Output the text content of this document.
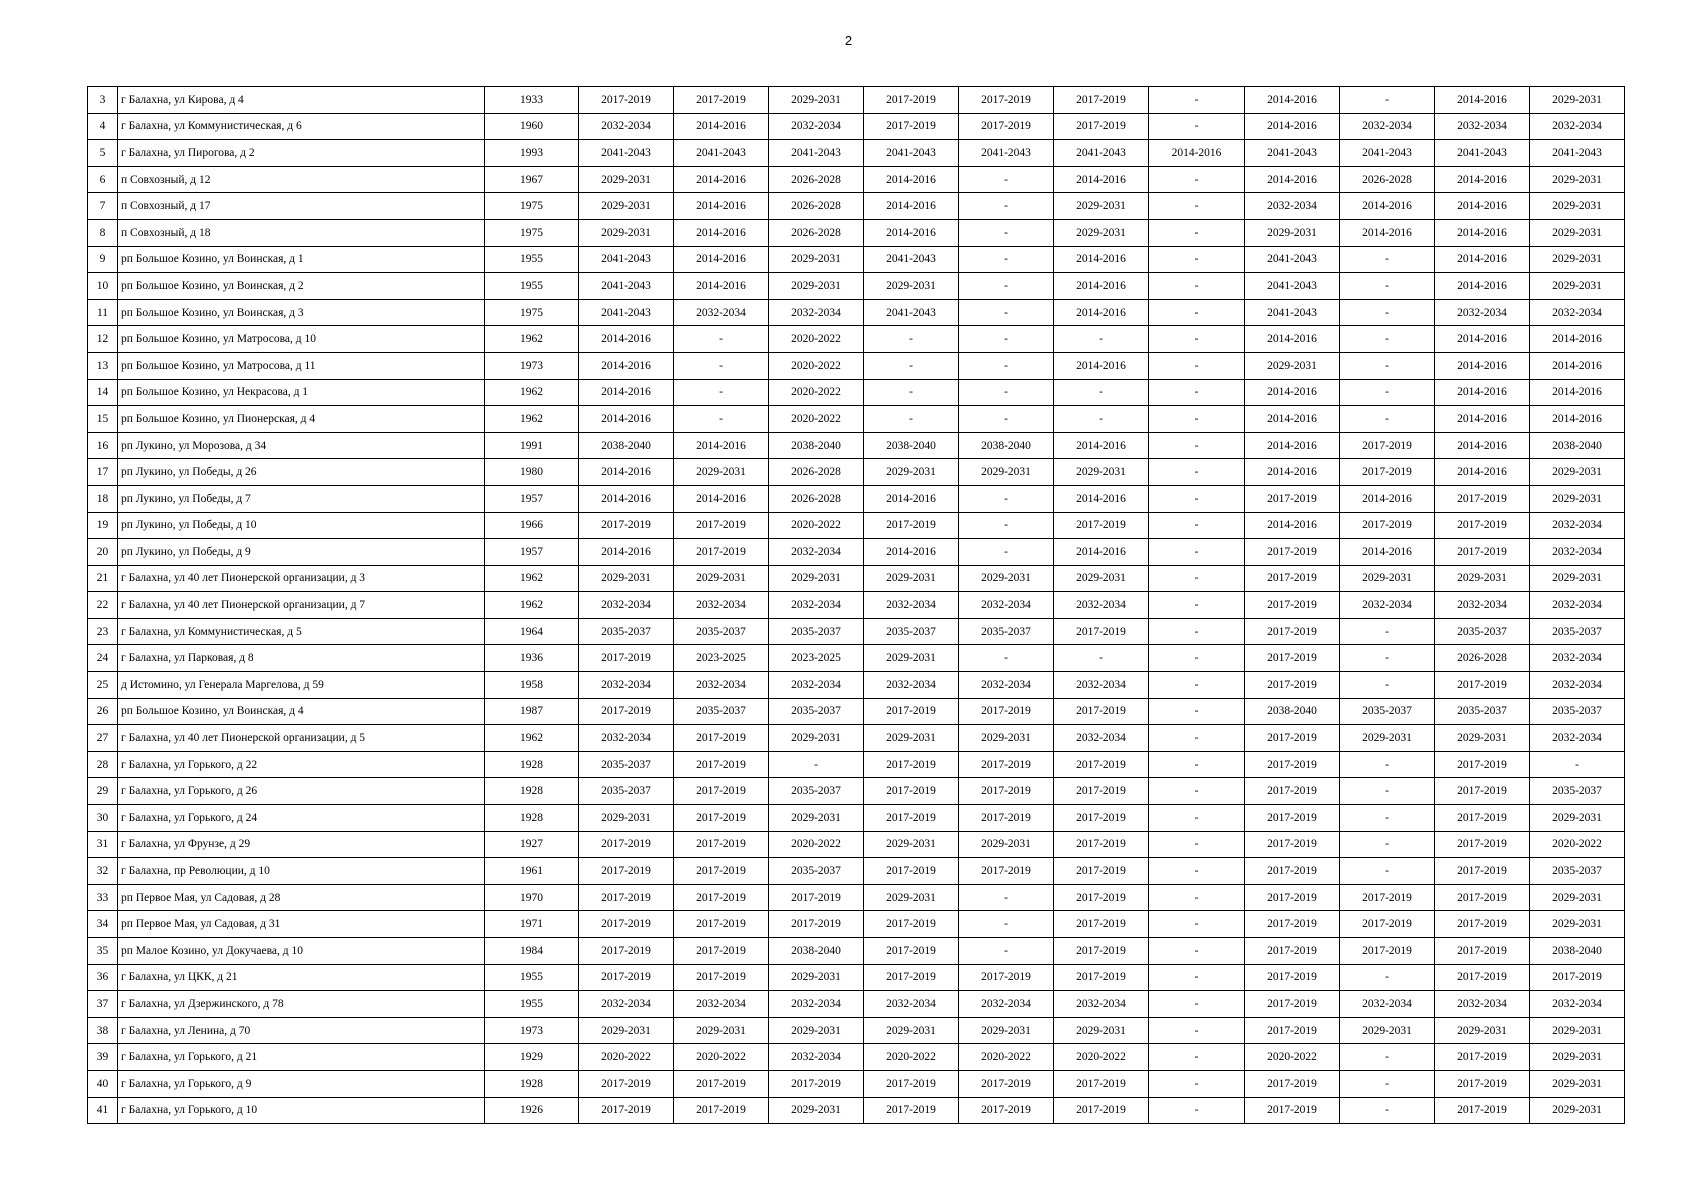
2
3	г Балахна, ул Кирова, д 4	1933	2017-2019	2017-2019	2029-2031	2017-2019	2017-2019	2017-2019	-	2014-2016	-	2014-2016	2029-2031
4	г Балахна, ул Коммунистическая, д 6	1960	2032-2034	2014-2016	2032-2034	2017-2019	2017-2019	2017-2019	-	2014-2016	2032-2034	2032-2034	2032-2034
5	г Балахна, ул Пирогова, д 2	1993	2041-2043	2041-2043	2041-2043	2041-2043	2041-2043	2041-2043	2014-2016	2041-2043	2041-2043	2041-2043	2041-2043
6	п Совхозный, д 12	1967	2029-2031	2014-2016	2026-2028	2014-2016	-	2014-2016	-	2014-2016	2026-2028	2014-2016	2029-2031
7	п Совхозный, д 17	1975	2029-2031	2014-2016	2026-2028	2014-2016	-	2029-2031	-	2032-2034	2014-2016	2014-2016	2029-2031
8	п Совхозный, д 18	1975	2029-2031	2014-2016	2026-2028	2014-2016	-	2029-2031	-	2029-2031	2014-2016	2014-2016	2029-2031
9	рп Большое Козино, ул Воинская, д 1	1955	2041-2043	2014-2016	2029-2031	2041-2043	-	2014-2016	-	2041-2043	-	2014-2016	2029-2031
10	рп Большое Козино, ул Воинская, д 2	1955	2041-2043	2014-2016	2029-2031	2029-2031	-	2014-2016	-	2041-2043	-	2014-2016	2029-2031
11	рп Большое Козино, ул Воинская, д 3	1975	2041-2043	2032-2034	2032-2034	2041-2043	-	2014-2016	-	2041-2043	-	2032-2034	2032-2034
12	рп Большое Козино, ул Матросова, д 10	1962	2014-2016	-	2020-2022	-	-	-	-	2014-2016	-	2014-2016	2014-2016
13	рп Большое Козино, ул Матросова, д 11	1973	2014-2016	-	2020-2022	-	-	2014-2016	-	2029-2031	-	2014-2016	2014-2016
14	рп Большое Козино, ул Некрасова, д 1	1962	2014-2016	-	2020-2022	-	-	-	-	2014-2016	-	2014-2016	2014-2016
15	рп Большое Козино, ул Пионерская, д 4	1962	2014-2016	-	2020-2022	-	-	-	-	2014-2016	-	2014-2016	2014-2016
16	рп Лукино, ул Морозова, д 34	1991	2038-2040	2014-2016	2038-2040	2038-2040	2038-2040	2014-2016	-	2014-2016	2017-2019	2014-2016	2038-2040
17	рп Лукино, ул Победы, д 26	1980	2014-2016	2029-2031	2026-2028	2029-2031	2029-2031	2029-2031	-	2014-2016	2017-2019	2014-2016	2029-2031
18	рп Лукино, ул Победы, д 7	1957	2014-2016	2014-2016	2026-2028	2014-2016	-	2014-2016	-	2017-2019	2014-2016	2017-2019	2029-2031
19	рп Лукино, ул Победы, д 10	1966	2017-2019	2017-2019	2020-2022	2017-2019	-	2017-2019	-	2014-2016	2017-2019	2017-2019	2032-2034
20	рп Лукино, ул Победы, д 9	1957	2014-2016	2017-2019	2032-2034	2014-2016	-	2014-2016	-	2017-2019	2014-2016	2017-2019	2032-2034
21	г Балахна, ул 40 лет Пионерской организации, д 3	1962	2029-2031	2029-2031	2029-2031	2029-2031	2029-2031	2029-2031	-	2017-2019	2029-2031	2029-2031	2029-2031
22	г Балахна, ул 40 лет Пионерской организации, д 7	1962	2032-2034	2032-2034	2032-2034	2032-2034	2032-2034	2032-2034	-	2017-2019	2032-2034	2032-2034	2032-2034
23	г Балахна, ул Коммунистическая, д 5	1964	2035-2037	2035-2037	2035-2037	2035-2037	2035-2037	2017-2019	-	2017-2019	-	2035-2037	2035-2037
24	г Балахна, ул Парковая, д 8	1936	2017-2019	2023-2025	2023-2025	2029-2031	-	-	-	2017-2019	-	2026-2028	2032-2034
25	д Истомино, ул Генерала Маргелова, д 59	1958	2032-2034	2032-2034	2032-2034	2032-2034	2032-2034	2032-2034	-	2017-2019	-	2017-2019	2032-2034
26	рп Большое Козино, ул Воинская, д 4	1987	2017-2019	2035-2037	2035-2037	2017-2019	2017-2019	2017-2019	-	2038-2040	2035-2037	2035-2037	2035-2037
27	г Балахна, ул 40 лет Пионерской организации, д 5	1962	2032-2034	2017-2019	2029-2031	2029-2031	2029-2031	2032-2034	-	2017-2019	2029-2031	2029-2031	2032-2034
28	г Балахна, ул Горького, д 22	1928	2035-2037	2017-2019	-	2017-2019	2017-2019	2017-2019	-	2017-2019	-	2017-2019	-
29	г Балахна, ул Горького, д 26	1928	2035-2037	2017-2019	2035-2037	2017-2019	2017-2019	2017-2019	-	2017-2019	-	2017-2019	2035-2037
30	г Балахна, ул Горького, д 24	1928	2029-2031	2017-2019	2029-2031	2017-2019	2017-2019	2017-2019	-	2017-2019	-	2017-2019	2029-2031
31	г Балахна, ул Фрунзе, д 29	1927	2017-2019	2017-2019	2020-2022	2029-2031	2029-2031	2017-2019	-	2017-2019	-	2017-2019	2020-2022
32	г Балахна, пр Революции, д 10	1961	2017-2019	2017-2019	2035-2037	2017-2019	2017-2019	2017-2019	-	2017-2019	-	2017-2019	2035-2037
33	рп Первое Мая, ул Садовая, д 28	1970	2017-2019	2017-2019	2017-2019	2029-2031	-	2017-2019	-	2017-2019	2017-2019	2017-2019	2029-2031
34	рп Первое Мая, ул Садовая, д 31	1971	2017-2019	2017-2019	2017-2019	2017-2019	-	2017-2019	-	2017-2019	2017-2019	2017-2019	2029-2031
35	рп Малое Козино, ул Докучаева, д 10	1984	2017-2019	2017-2019	2038-2040	2017-2019	-	2017-2019	-	2017-2019	2017-2019	2017-2019	2038-2040
36	г Балахна, ул ЦКК, д 21	1955	2017-2019	2017-2019	2029-2031	2017-2019	2017-2019	2017-2019	-	2017-2019	-	2017-2019	2017-2019
37	г Балахна, ул Дзержинского, д 78	1955	2032-2034	2032-2034	2032-2034	2032-2034	2032-2034	2032-2034	-	2017-2019	2032-2034	2032-2034	2032-2034
38	г Балахна, ул Ленина, д 70	1973	2029-2031	2029-2031	2029-2031	2029-2031	2029-2031	2029-2031	-	2017-2019	2029-2031	2029-2031	2029-2031
39	г Балахна, ул Горького, д 21	1929	2020-2022	2020-2022	2032-2034	2020-2022	2020-2022	2020-2022	-	2020-2022	-	2017-2019	2029-2031
40	г Балахна, ул Горького, д 9	1928	2017-2019	2017-2019	2017-2019	2017-2019	2017-2019	2017-2019	-	2017-2019	-	2017-2019	2029-2031
41	г Балахна, ул Горького, д 10	1926	2017-2019	2017-2019	2029-2031	2017-2019	2017-2019	2017-2019	-	2017-2019	-	2017-2019	2029-2031
